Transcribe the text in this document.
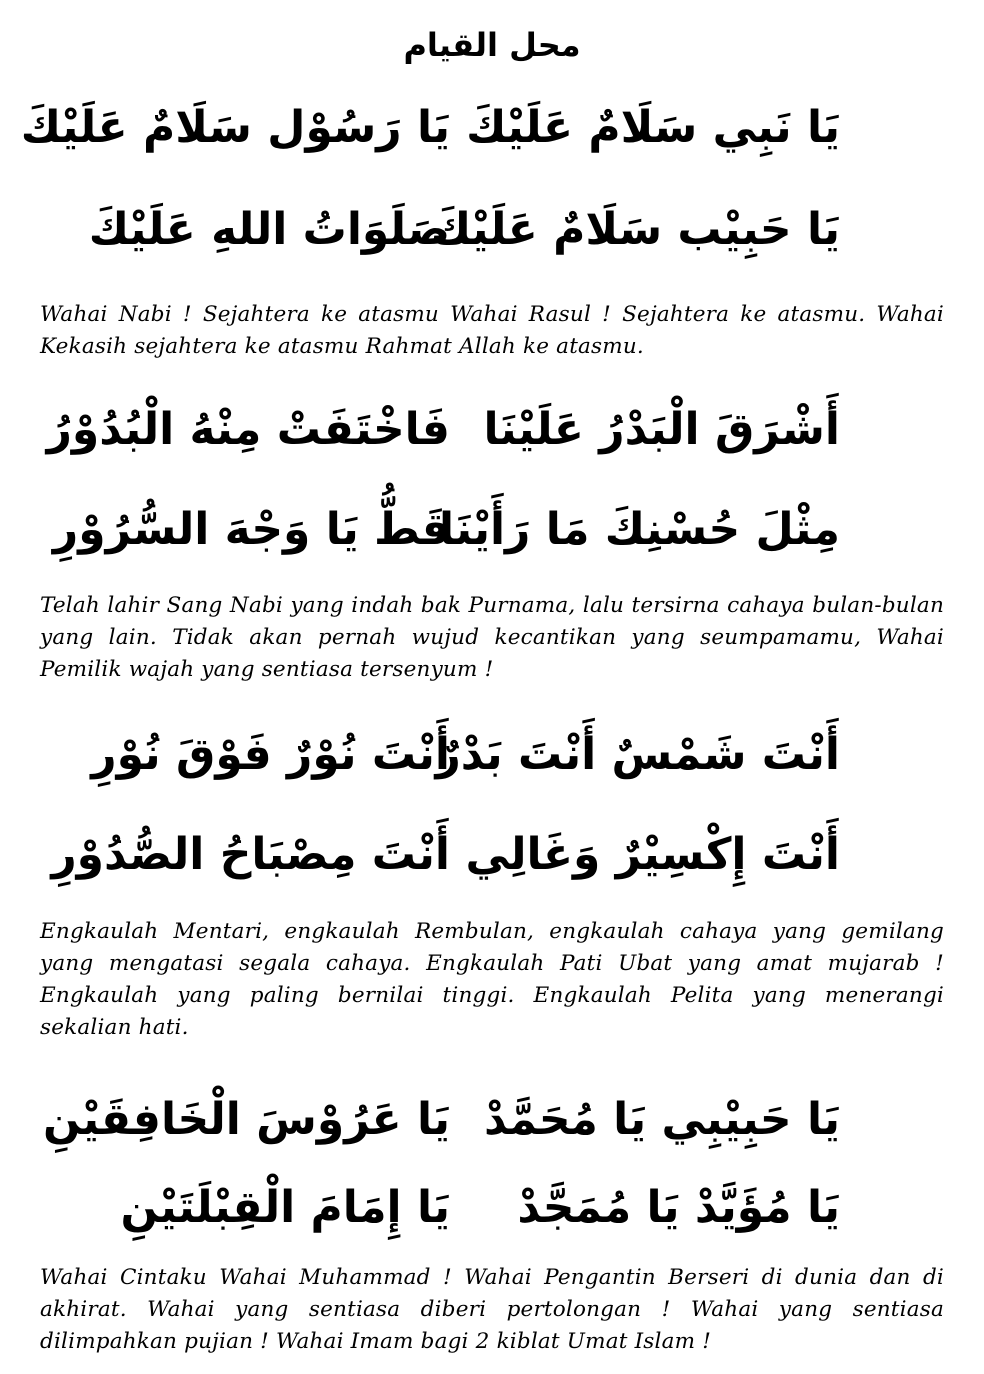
محل القيام
يَا نَبِي سَلَامٌ عَلَيْكَ
يَا رَسُوْل سَلَامٌ عَلَيْكَ
يَا حَبِيْب سَلَامٌ عَلَيْكَ
صَلَوَاتُ اللهِ عَلَيْكَ
Wahai Nabi ! Sejahtera ke atasmu Wahai Rasul ! Sejahtera ke atasmu. Wahai Kekasih sejahtera ke atasmu Rahmat Allah ke atasmu.
أَشْرَقَ الْبَدْرُ عَلَيْنَا
فَاخْتَفَتْ مِنْهُ الْبُدُوْرُ
مِثْلَ حُسْنِكَ مَا رَأَيْنَا
قَطُّ يَا وَجْهَ السُّرُوْرِ
Telah lahir Sang Nabi yang indah bak Purnama, lalu tersirna cahaya bulan-bulan yang lain. Tidak akan pernah wujud kecantikan yang seumpamamu, Wahai Pemilik wajah yang sentiasa tersenyum !
أَنْتَ شَمْسٌ أَنْتَ بَدْرٌ
أَنْتَ نُوْرٌ فَوْقَ نُوْرِ
أَنْتَ إِكْسِيْرٌ وَغَالِي
أَنْتَ مِصْبَاحُ الصُّدُوْرِ
Engkaulah Mentari, engkaulah Rembulan, engkaulah cahaya yang gemilang yang mengatasi segala cahaya. Engkaulah Pati Ubat yang amat mujarab ! Engkaulah yang paling bernilai tinggi. Engkaulah Pelita yang menerangi sekalian hati.
يَا حَبِيْبِي يَا مُحَمَّدْ
يَا عَرُوْسَ الْخَافِقَيْنِ
يَا مُؤَيَّدْ يَا مُمَجَّدْ
يَا إِمَامَ الْقِبْلَتَيْنِ
Wahai Cintaku Wahai Muhammad ! Wahai Pengantin Berseri di dunia dan di akhirat. Wahai yang sentiasa diberi pertolongan ! Wahai yang sentiasa dilimpahkan pujian ! Wahai Imam bagi 2 kiblat Umat Islam !
